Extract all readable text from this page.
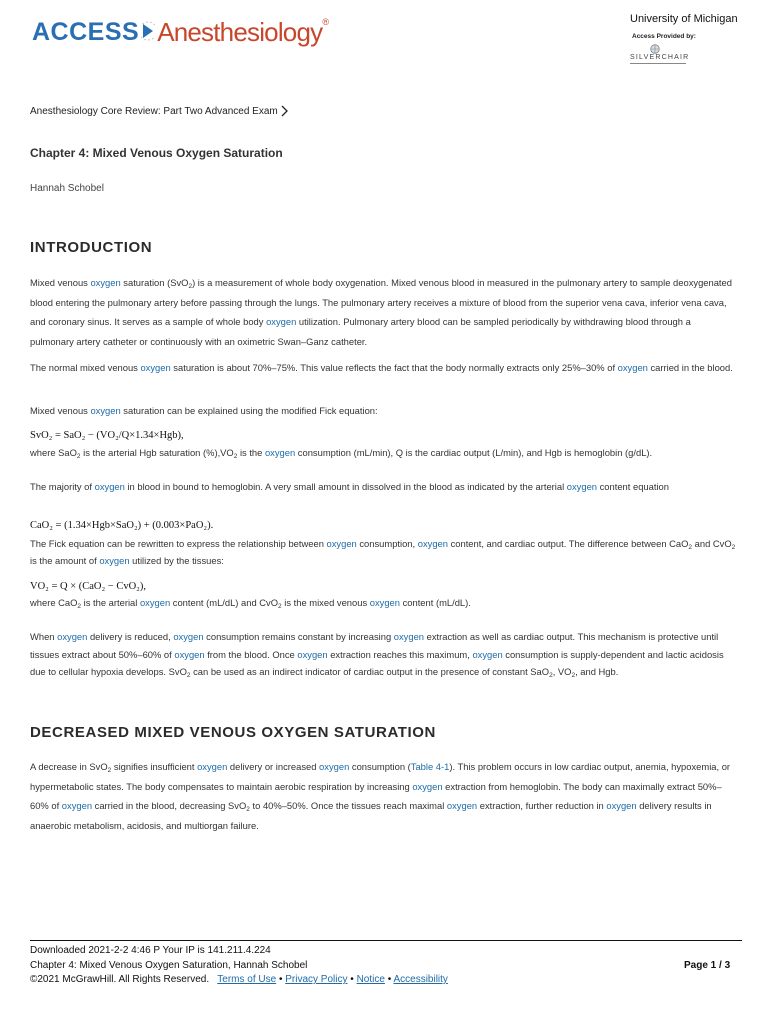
ACCESS Anesthesiology ®	University of Michigan
Access Provided by:
SILVERCHAIR
Anesthesiology Core Review: Part Two Advanced Exam
Chapter 4: Mixed Venous Oxygen Saturation
Hannah Schobel
INTRODUCTION

Mixed venous oxygen saturation (SvO$_2$) is a measurement of whole body oxygenation. Mixed venous blood in measured in the pulmonary artery to sample deoxygenated blood entering the pulmonary artery before passing through the lungs. The pulmonary artery receives a mixture of blood from the superior vena cava, inferior vena cava, and coronary sinus. It serves as a sample of whole body oxygen utilization. Pulmonary artery blood can be sampled periodically by withdrawing blood through a pulmonary artery catheter or continuously with an oximetric Swan–Ganz catheter.

The normal mixed venous oxygen saturation is about 70%–75%. This value reflects the fact that the body normally extracts only 25%–30% of oxygen carried in the blood.

Mixed venous oxygen saturation can be explained using the modified Fick equation:

SvO₂ = SaO₂ − (VO₂/Q×1.34×Hgb),

where SaO$_2$ is the arterial Hgb saturation $(\%),VO_2$ is the oxygen consumption (mL/min), Q is the cardiac output (L/min), and Hgb is hemoglobin (g/dL).

The majority of oxygen in blood in bound to hemoglobin. A very small amount in dissolved in the blood as indicated by the arterial oxygen content equation

CaO₂ = (1.34×Hgb×SaO₂) + (0.003×PaO₂).

The Fick equation can be rewritten to express the relationship between oxygen consumption, oxygen content, and cardiac output. The difference between CaO$_2$ and CvO$_2$ is the amount of oxygen utilized by the tissues:

VO₂ = Q × (CaO₂ − CvO₂),

where CaO$_2$ is the arterial oxygen content (mL/dL) and CvO$_2$ is the mixed venous oxygen content (mL/dL).

When oxygen delivery is reduced, oxygen consumption remains constant by increasing oxygen extraction as well as cardiac output. This mechanism is protective until tissues extract about 50%–60% of oxygen from the blood. Once oxygen extraction reaches this maximum, oxygen consumption is supply-dependent and lactic acidosis due to cellular hypoxia develops. SvO$_2$ can be used as an indirect indicator of cardiac output in the presence of constant SaO$_2$, $VO_2$, and Hgb.

DECREASED MIXED VENOUS OXYGEN SATURATION

A decrease in SvO$_2$ signifies insufficient oxygen delivery or increased oxygen consumption (Table 4-1). This problem occurs in low cardiac output, anemia, hypoxemia, or hypermetabolic states. The body compensates to maintain aerobic respiration by increasing oxygen extraction from hemoglobin. The body can maximally extract 50%–60% of oxygen carried in the blood, decreasing SvO$_2$ to 40%–50%. Once the tissues reach maximal oxygen extraction, further reduction in oxygen delivery results in anaerobic metabolism, acidosis, and multiorgan failure.

Downloaded 2021-2-2 4:46 P Your IP is 141.211.4.224
Chapter 4: Mixed Venous Oxygen Saturation, Hannah Schobel
©2021 McGrawHill. All Rights Reserved. Terms of Use • Privacy Policy • Notice • Accessibility
Page 1 / 3
